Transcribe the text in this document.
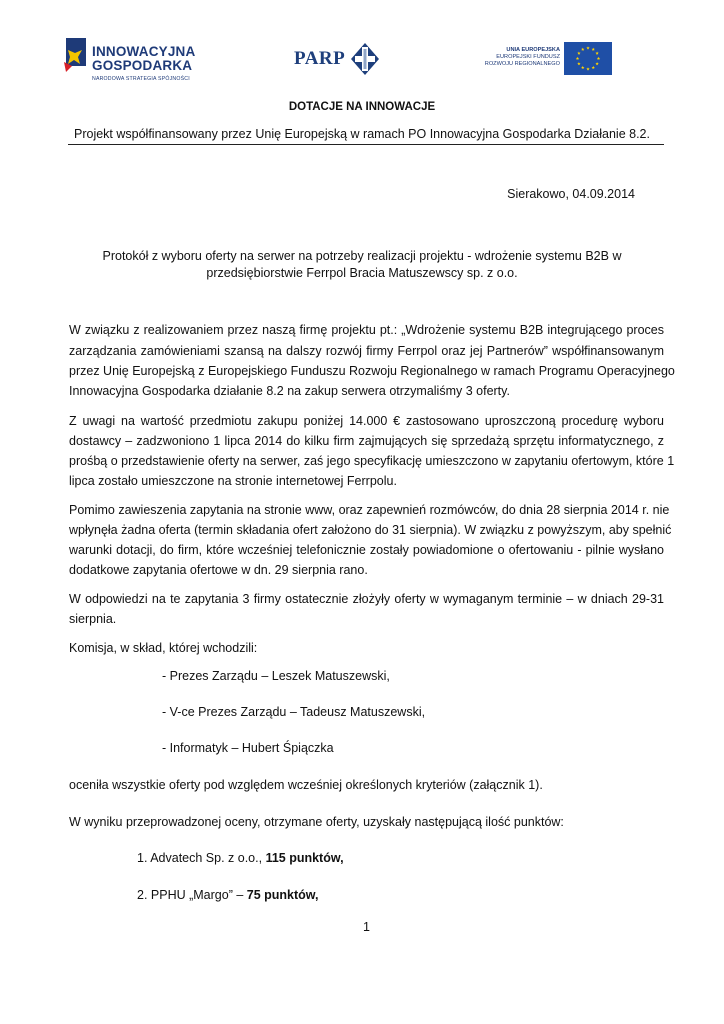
INNOWACYJNA
GOSPODARKA
NARODOWA STRATEGIA SPÓJNOŚCI
PARP	UNIA EUROPEJSKA
EUROPEJSKI FUNDUSZ
ROZWOJU REGIONALNEGO
DOTACJE NA INNOWACJE
Projekt współfinansowany przez Unię Europejską w ramach PO Innowacyjna Gospodarka Działanie 8.2.
Sierakowo, 04.09.2014
Protokół z wyboru oferty na serwer na potrzeby realizacji projektu - wdrożenie systemu B2B w
przedsiębiorstwie Ferrpol Bracia Matuszewscy sp. z o.o.
W związku z realizowaniem przez naszą firmę projektu pt.: „Wdrożenie systemu B2B integrującego proces
zarządzania zamówieniami szansą na dalszy rozwój firmy Ferrpol oraz jej Partnerów” współfinansowanym
przez Unię Europejską z Europejskiego Funduszu Rozwoju Regionalnego w ramach Programu Operacyjnego
Innowacyjna Gospodarka działanie 8.2 na zakup serwera otrzymaliśmy 3 oferty.
Z uwagi na wartość przedmiotu zakupu poniżej 14.000 € zastosowano uproszczoną procedurę wyboru
dostawcy – zadzwoniono 1 lipca 2014 do kilku firm zajmujących się sprzedażą sprzętu informatycznego, z
prośbą o przedstawienie oferty na serwer, zaś jego specyfikację umieszczono w zapytaniu ofertowym, które 1
lipca zostało umieszczone na stronie internetowej Ferrpolu.
Pomimo zawieszenia zapytania na stronie www, oraz zapewnień rozmówców, do dnia 28 sierpnia 2014 r. nie
wpłynęła żadna oferta (termin składania ofert założono do 31 sierpnia). W związku z powyższym, aby spełnić
warunki dotacji, do firm, które wcześniej telefonicznie zostały powiadomione o ofertowaniu - pilnie wysłano
dodatkowe zapytania ofertowe w dn. 29 sierpnia rano.
W odpowiedzi na te zapytania 3 firmy ostatecznie złożyły oferty w wymaganym terminie – w dniach 29-31
sierpnia.
Komisja, w skład, której wchodzili:
- Prezes Zarządu – Leszek Matuszewski,
- V-ce Prezes Zarządu – Tadeusz Matuszewski,
- Informatyk – Hubert Śpiączka
oceniła wszystkie oferty pod względem wcześniej określonych kryteriów (załącznik 1).
W wyniku przeprowadzonej oceny, otrzymane oferty, uzyskały następującą ilość punktów:
1. Advatech Sp. z o.o., 115 punktów,
2. PPHU „Margo” – 75 punktów,
1
